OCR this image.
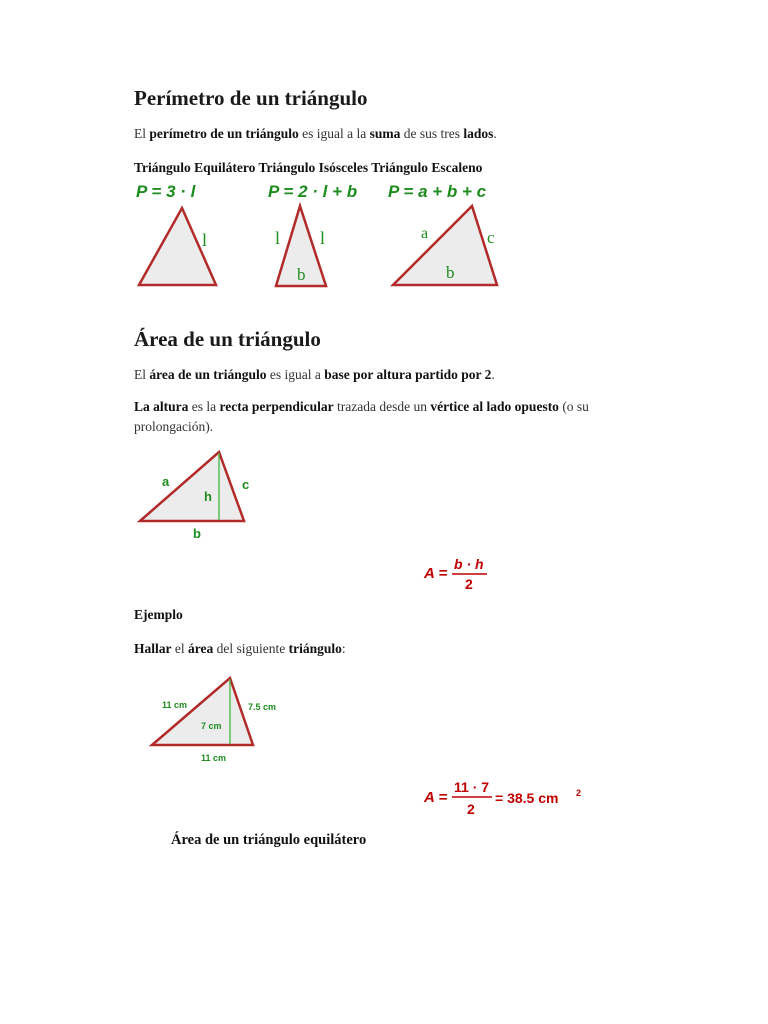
Perímetro de un triángulo

El perímetro de un triángulo es igual a la suma de sus tres lados.

Triángulo Equilátero Triángulo Isósceles Triángulo Escaleno
P = 3 · l	P = 2 · l + b P = a + b + c
l	l l
b
a	c
b
Área de un triángulo

El área de un triángulo es igual a base por altura partido por 2.

La altura es la recta perpendicular trazada desde un vértice al lado opuesto (o su prolongación).

a
h
c
b
A =
b · h
2
Ejemplo

Hallar el área del siguiente triángulo:

11 cm	7.5 cm
7 cm
11 cm
A =
11 · 7
2
= 38.5 cm 2
Área de un triángulo equilátero
